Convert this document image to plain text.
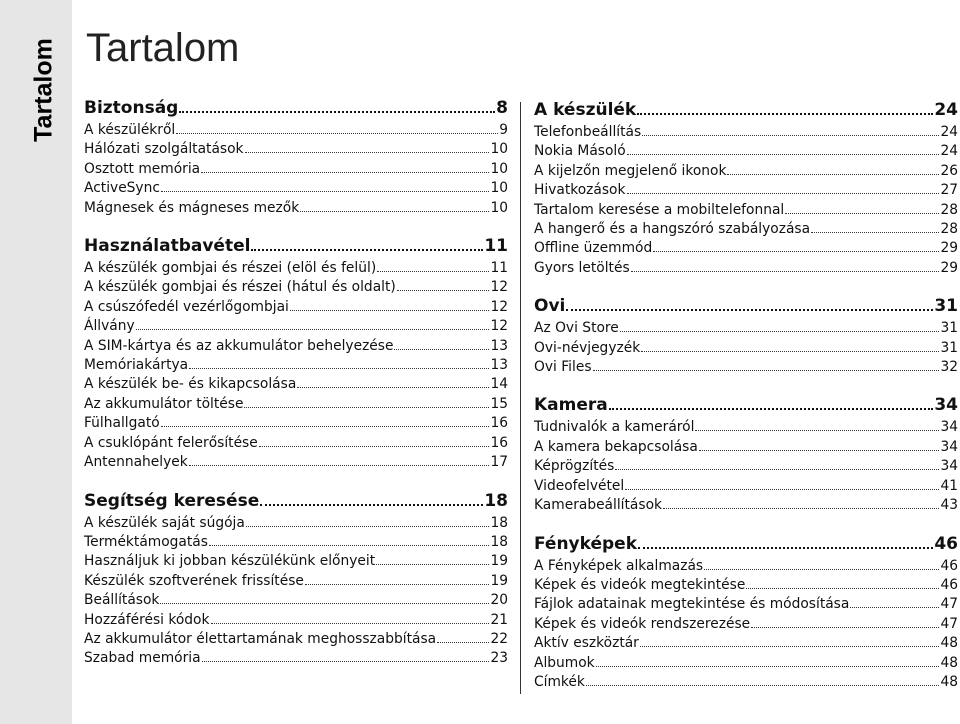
Tartalom Tartalom
Biztonság	8
A készülékről	9
Hálózati szolgáltatások	10
Osztott memória	10
ActiveSync	10
Mágnesek és mágneses mezők	10
Használatbavétel	11
A készülék gombjai és részei (elöl és felül)	11
A készülék gombjai és részei (hátul és oldalt)	12
A csúszófedél vezérlőgombjai	12
Állvány	12
A SIM-kártya és az akkumulátor behelyezése	13
Memóriakártya	13
A készülék be- és kikapcsolása	14
Az akkumulátor töltése	15
Fülhallgató	16
A csuklópánt felerősítése	16
Antennahelyek	17
Segítség keresése	18
A készülék saját súgója	18
Terméktámogatás	18
Használjuk ki jobban készülékünk előnyeit	19
Készülék szoftverének frissítése	19
Beállítások	20
Hozzáférési kódok	21
Az akkumulátor élettartamának meghosszabbítása	22
Szabad memória	23
A készülék	24
Telefonbeállítás	24
Nokia Másoló	24
A kijelzőn megjelenő ikonok	26
Hivatkozások	27
Tartalom keresése a mobiltelefonnal	28
A hangerő és a hangszóró szabályozása	28
Offline üzemmód	29
Gyors letöltés	29
Ovi	31
Az Ovi Store	31
Ovi-névjegyzék	31
Ovi Files	32
Kamera	34
Tudnivalók a kameráról	34
A kamera bekapcsolása	34
Képrögzítés	34
Videofelvétel	41
Kamerabeállítások	43
Fényképek	46
A Fényképek alkalmazás	46
Képek és videók megtekintése	46
Fájlok adatainak megtekintése és módosítása	47
Képek és videók rendszerezése	47
Aktív eszköztár	48
Albumok	48
Címkék	48
